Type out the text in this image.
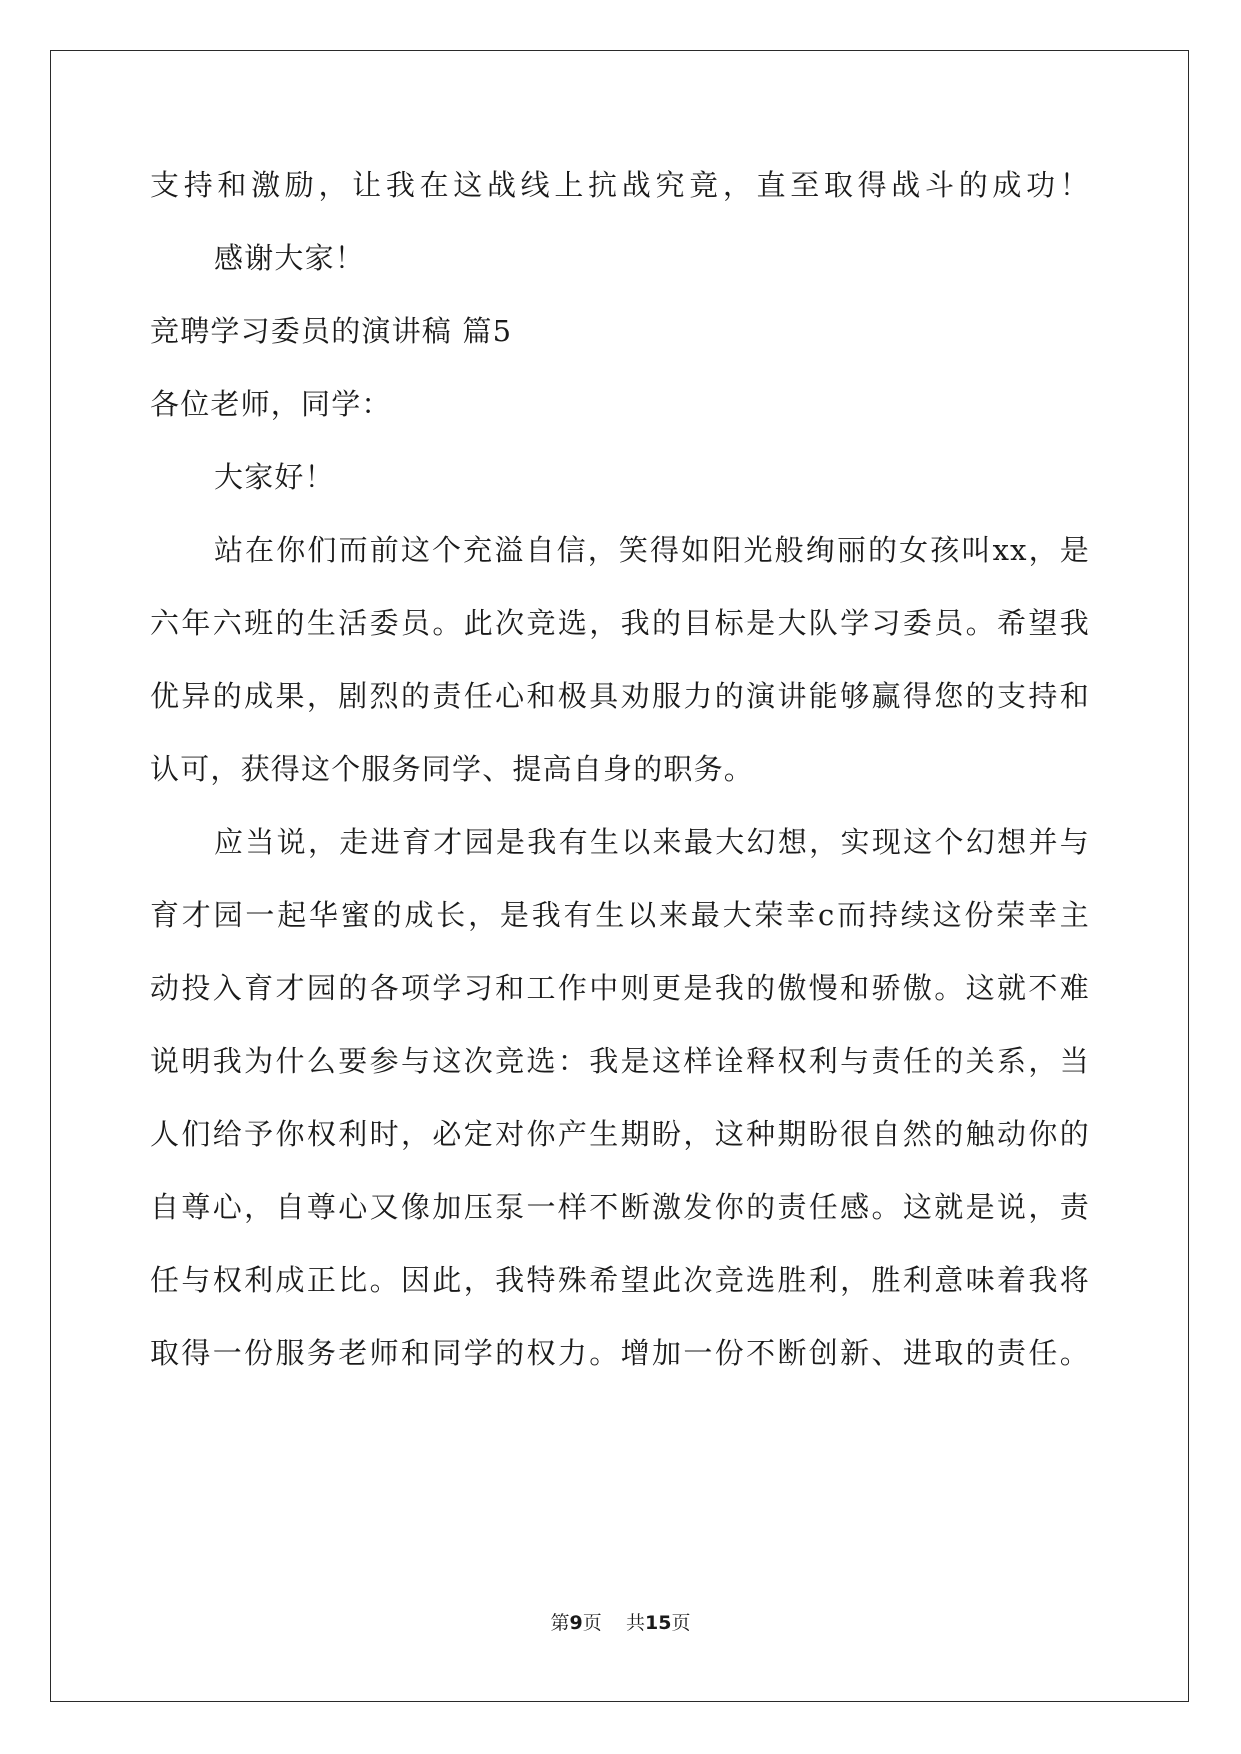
支持和激励，让我在这战线上抗战究竟，直至取得战斗的成功！
感谢大家！
竞聘学习委员的演讲稿 篇5
各位老师，同学：
大家好！
站在你们而前这个充溢自信，笑得如阳光般绚丽的女孩叫xx，是
六年六班的生活委员。此次竞选，我的目标是大队学习委员。希望我
优异的成果，剧烈的责任心和极具劝服力的演讲能够赢得您的支持和
认可，获得这个服务同学、提高自身的职务。
应当说，走进育才园是我有生以来最大幻想，实现这个幻想并与
育才园一起华蜜的成长，是我有生以来最大荣幸c而持续这份荣幸主
动投入育才园的各项学习和工作中则更是我的傲慢和骄傲。这就不难
说明我为什么要参与这次竞选：我是这样诠释权利与责任的关系，当
人们给予你权利时，必定对你产生期盼，这种期盼很自然的触动你的
自尊心，自尊心又像加压泵一样不断激发你的责任感。这就是说，责
任与权利成正比。因此，我特殊希望此次竞选胜利，胜利意味着我将
取得一份服务老师和同学的权力。增加一份不断创新、进取的责任。
第9页 共15页
